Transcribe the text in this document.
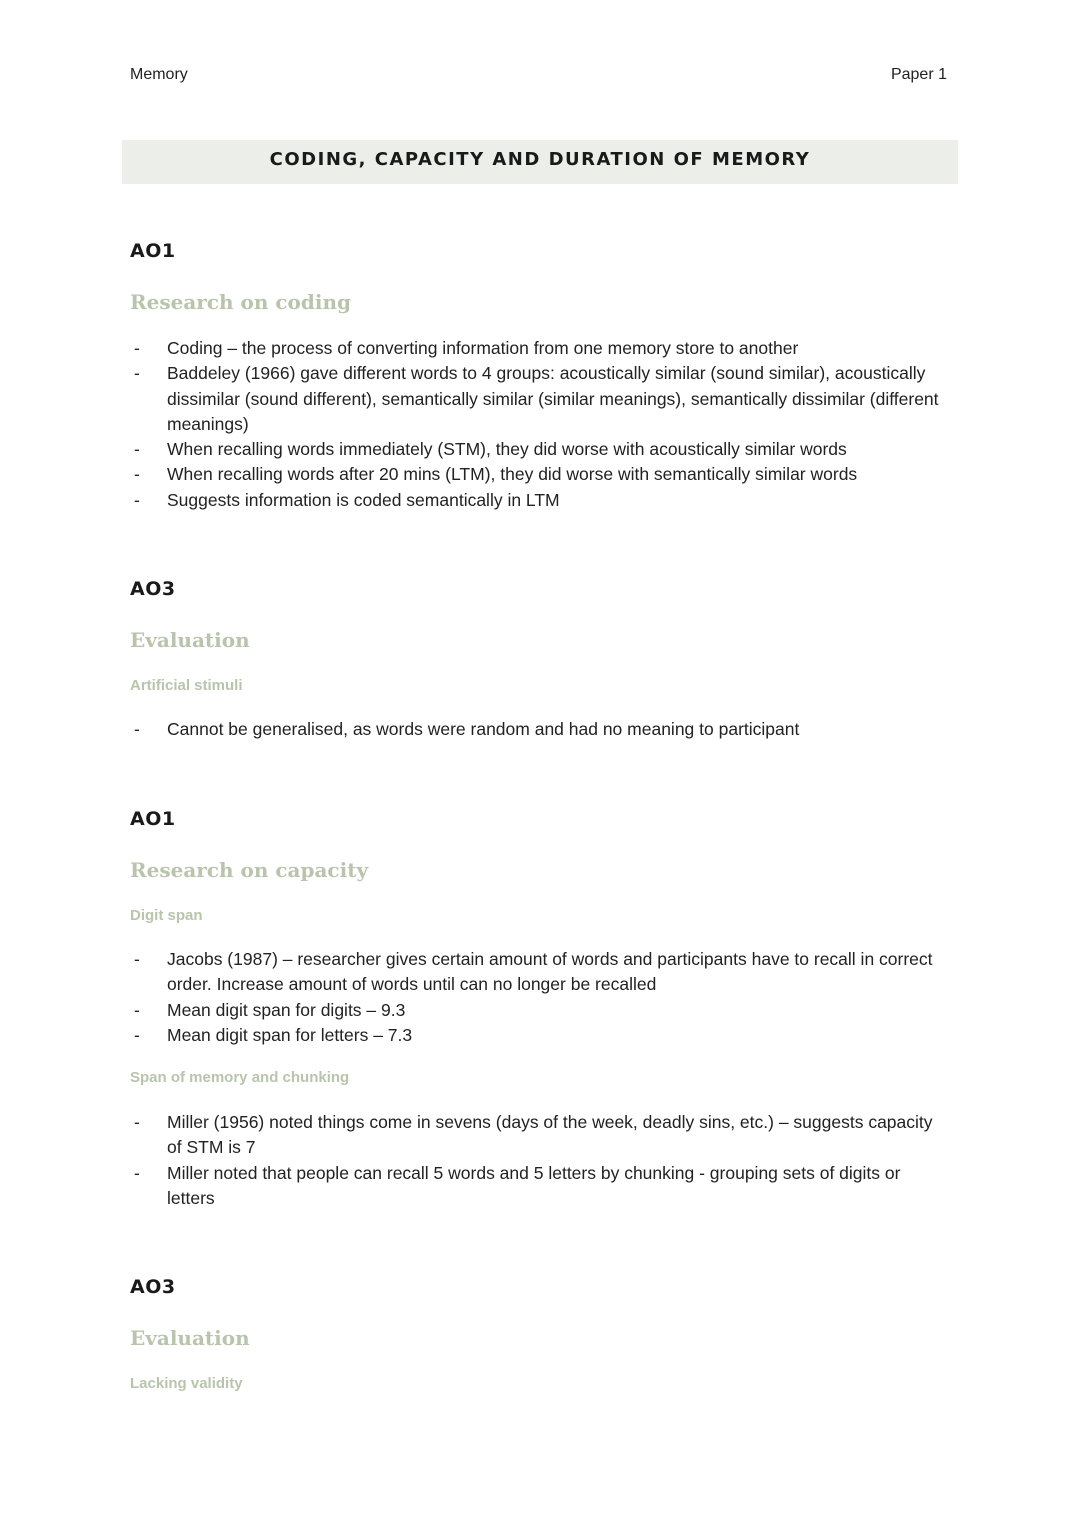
Memory	Paper 1
CODING, CAPACITY AND DURATION OF MEMORY
AO1
Research on coding
- Coding – the process of converting information from one memory store to another
- Baddeley (1966) gave different words to 4 groups: acoustically similar (sound similar), acoustically dissimilar (sound different), semantically similar (similar meanings), semantically dissimilar (different meanings)
- When recalling words immediately (STM), they did worse with acoustically similar words
- When recalling words after 20 mins (LTM), they did worse with semantically similar words
- Suggests information is coded semantically in LTM
AO3
Evaluation
Artificial stimuli
- Cannot be generalised, as words were random and had no meaning to participant
AO1
Research on capacity
Digit span
- Jacobs (1987) – researcher gives certain amount of words and participants have to recall in correct order. Increase amount of words until can no longer be recalled
- Mean digit span for digits – 9.3
- Mean digit span for letters – 7.3
Span of memory and chunking
- Miller (1956) noted things come in sevens (days of the week, deadly sins, etc.) – suggests capacity of STM is 7
- Miller noted that people can recall 5 words and 5 letters by chunking - grouping sets of digits or letters
AO3
Evaluation
Lacking validity
